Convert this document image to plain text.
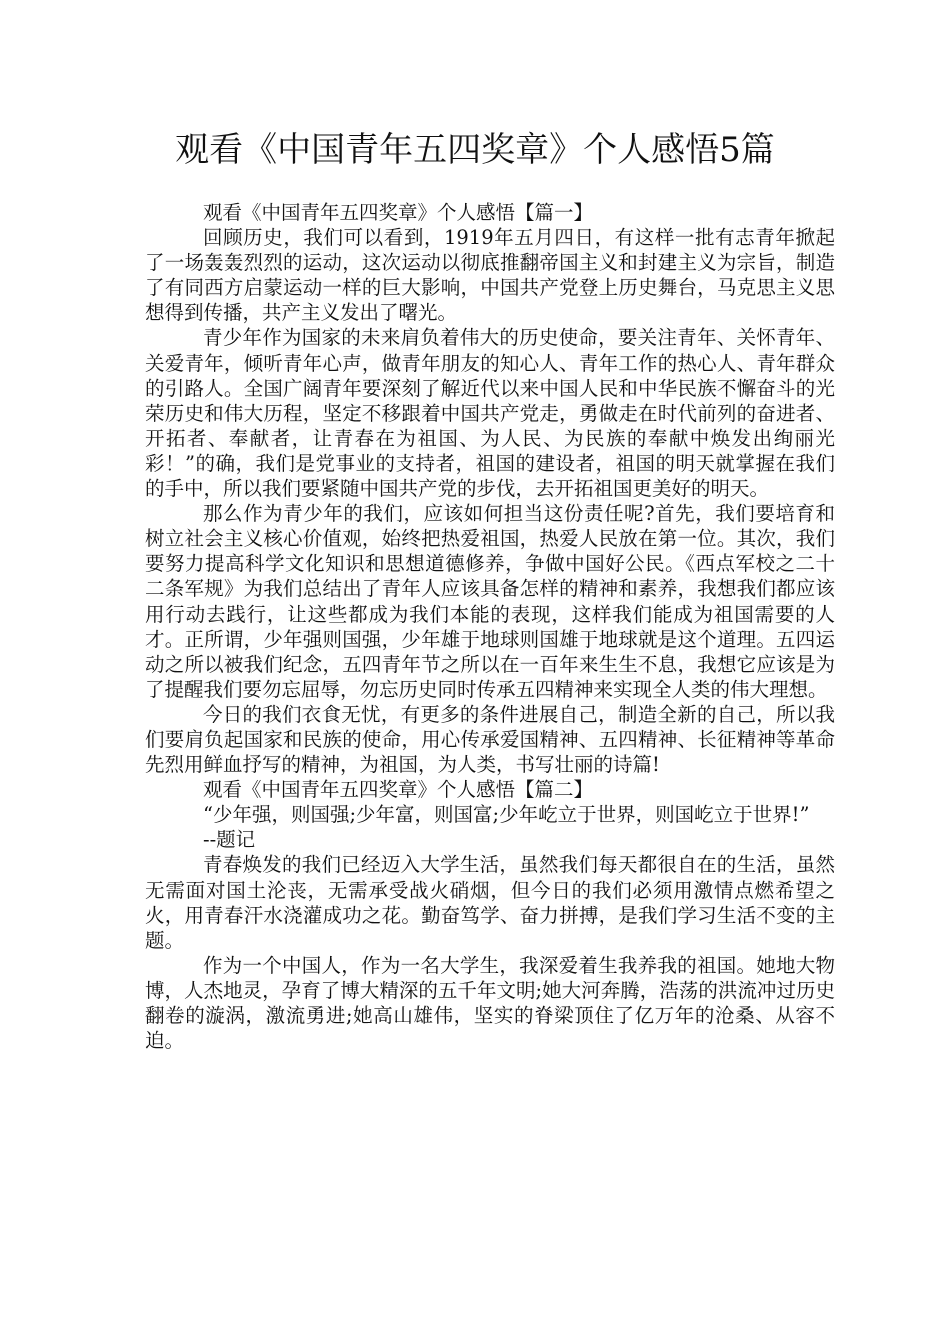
观看《中国青年五四奖章》个人感悟5篇

观看《中国青年五四奖章》个人感悟【篇一】

回顾历史，我们可以看到，1919年五月四日，有这样一批有志青年掀起了一场轰轰烈烈的运动，这次运动以彻底推翻帝国主义和封建主义为宗旨，制造了有同西方启蒙运动一样的巨大影响，中国共产党登上历史舞台，马克思主义思想得到传播，共产主义发出了曙光。

青少年作为国家的未来肩负着伟大的历史使命，要关注青年、关怀青年、关爱青年，倾听青年心声，做青年朋友的知心人、青年工作的热心人、青年群众的引路人。全国广阔青年要深刻了解近代以来中国人民和中华民族不懈奋斗的光荣历史和伟大历程，坚定不移跟着中国共产党走，勇做走在时代前列的奋进者、开拓者、奉献者，让青春在为祖国、为人民、为民族的奉献中焕发出绚丽光彩！”的确，我们是党事业的支持者，祖国的建设者，祖国的明天就掌握在我们的手中，所以我们要紧随中国共产党的步伐，去开拓祖国更美好的明天。

那么作为青少年的我们，应该如何担当这份责任呢?首先，我们要培育和树立社会主义核心价值观，始终把热爱祖国，热爱人民放在第一位。其次，我们要努力提高科学文化知识和思想道德修养，争做中国好公民。《西点军校之二十二条军规》为我们总结出了青年人应该具备怎样的精神和素养，我想我们都应该用行动去践行，让这些都成为我们本能的表现，这样我们能成为祖国需要的人才。正所谓，少年强则国强，少年雄于地球则国雄于地球就是这个道理。五四运动之所以被我们纪念，五四青年节之所以在一百年来生生不息，我想它应该是为了提醒我们要勿忘屈辱，勿忘历史同时传承五四精神来实现全人类的伟大理想。

今日的我们衣食无忧，有更多的条件进展自己，制造全新的自己，所以我们要肩负起国家和民族的使命，用心传承爱国精神、五四精神、长征精神等革命先烈用鲜血抒写的精神，为祖国，为人类，书写壮丽的诗篇!

观看《中国青年五四奖章》个人感悟【篇二】

“少年强，则国强;少年富，则国富;少年屹立于世界，则国屹立于世界!”

--题记

青春焕发的我们已经迈入大学生活，虽然我们每天都很自在的生活，虽然无需面对国土沦丧，无需承受战火硝烟，但今日的我们必须用激情点燃希望之火，用青春汗水浇灌成功之花。勤奋笃学、奋力拼搏，是我们学习生活不变的主题。

作为一个中国人，作为一名大学生，我深爱着生我养我的祖国。她地大物博，人杰地灵，孕育了博大精深的五千年文明;她大河奔腾，浩荡的洪流冲过历史翻卷的漩涡，激流勇进;她高山雄伟，坚实的脊梁顶住了亿万年的沧桑、从容不迫。
